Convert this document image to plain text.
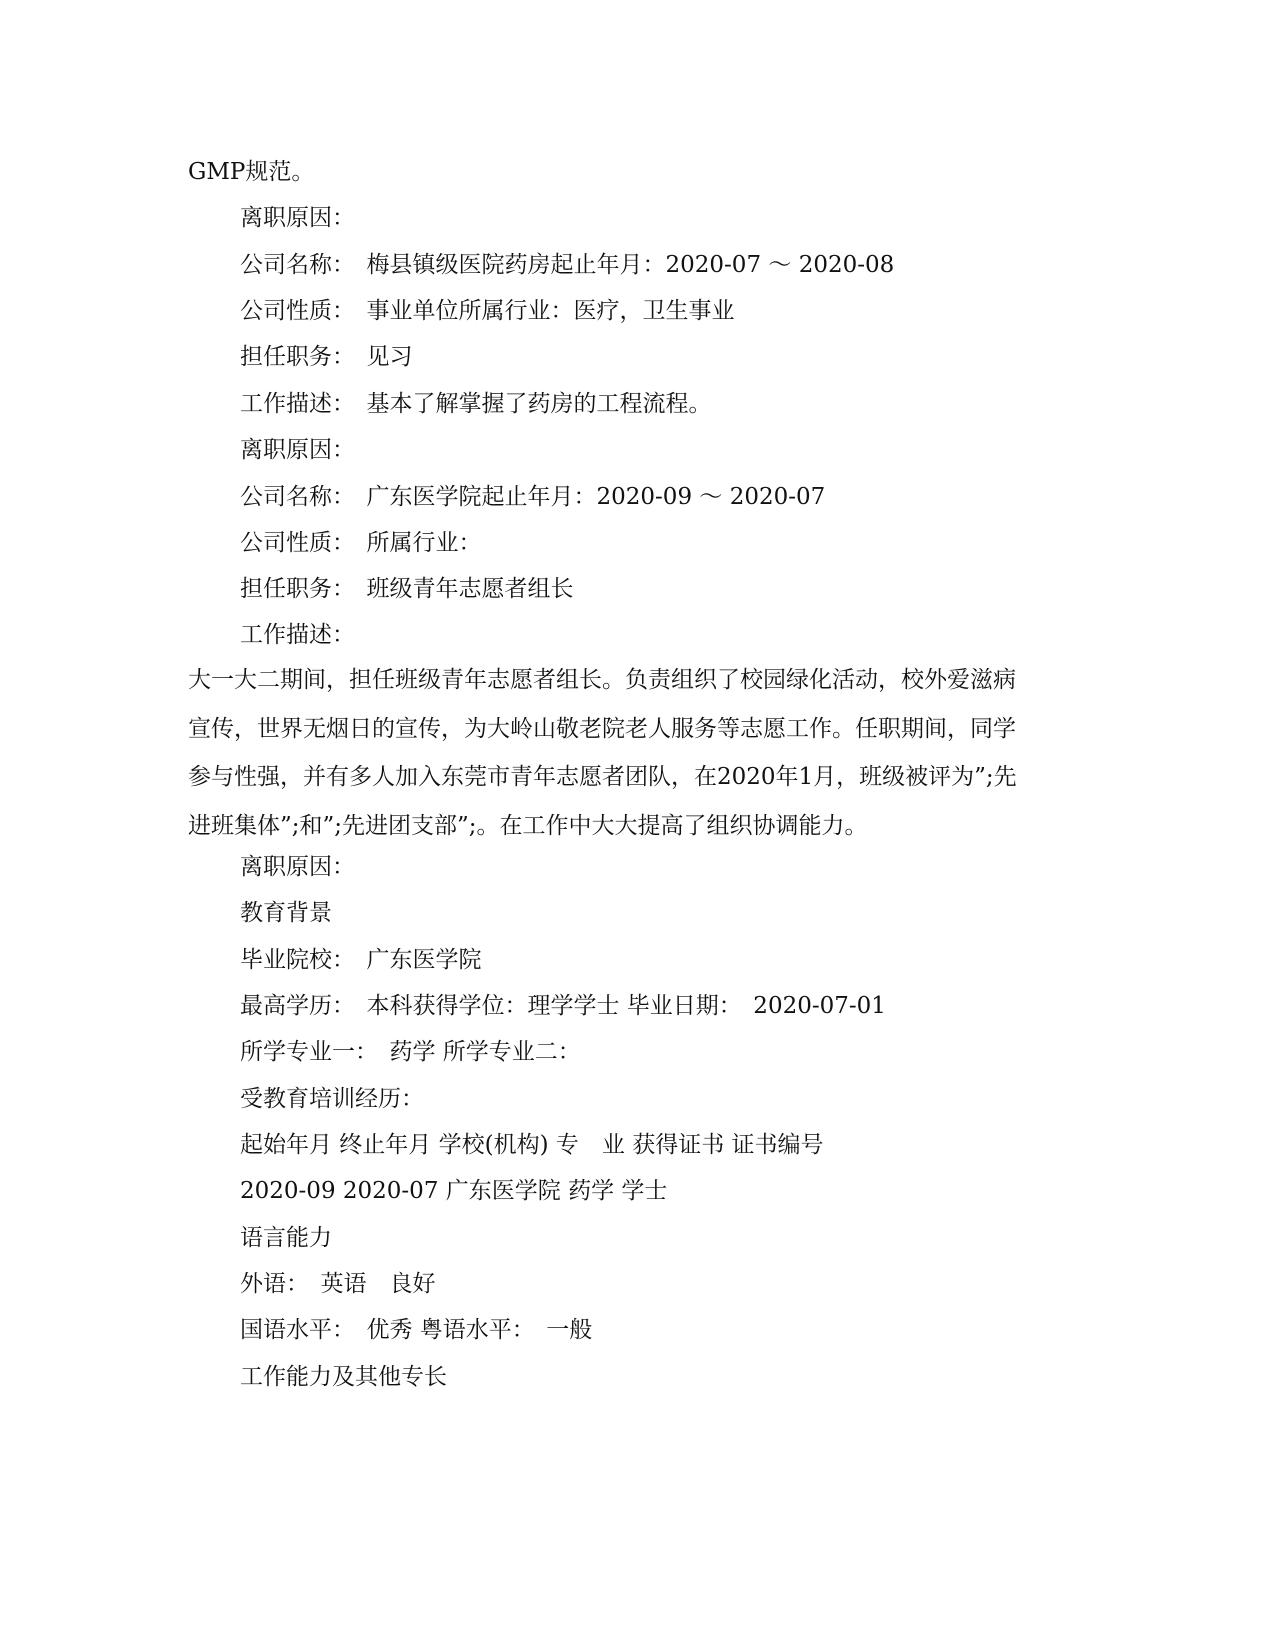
GMP规范。
离职原因：
公司名称：　梅县镇级医院药房起止年月：2020-07 ～ 2020-08
公司性质：　事业单位所属行业：医疗，卫生事业
担任职务：　见习
工作描述：　基本了解掌握了药房的工程流程。
离职原因：
公司名称：　广东医学院起止年月：2020-09 ～ 2020-07
公司性质：　所属行业：
担任职务：　班级青年志愿者组长
工作描述：
大一大二期间，担任班级青年志愿者组长。负责组织了校园绿化活动，校外爱滋病
宣传，世界无烟日的宣传，为大岭山敬老院老人服务等志愿工作。任职期间，同学
参与性强，并有多人加入东莞市青年志愿者团队，在2020年1月，班级被评为”;先
进班集体”;和”;先进团支部”;。在工作中大大提高了组织协调能力。
离职原因：
教育背景
毕业院校：　广东医学院
最高学历：　本科获得学位：理学学士 毕业日期：　2020-07-01
所学专业一：　药学 所学专业二：
受教育培训经历：
起始年月 终止年月 学校(机构) 专　业 获得证书 证书编号
2020-09 2020-07 广东医学院 药学 学士
语言能力
外语：　英语　良好
国语水平：　优秀 粤语水平：　一般
工作能力及其他专长
